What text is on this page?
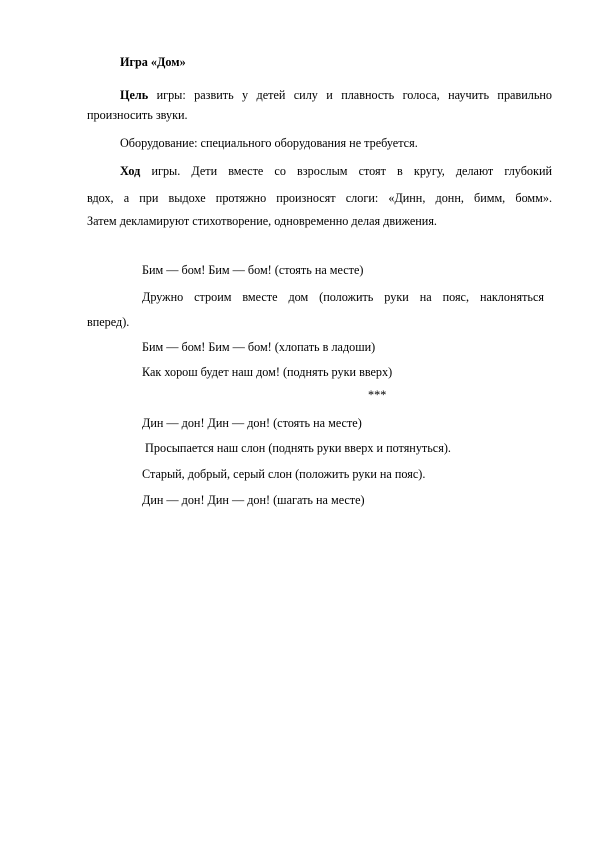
Игра «Дом»
Цель игры: развить у детей силу и плавность голоса, научить правильно
произносить звуки.
Оборудование: специального оборудования не требуется.
Ход игры. Дети вместе со взрослым стоят в кругу, делают глубокий
вдох, а при выдохе протяжно произносят слоги: «Динн, донн, бимм, бомм».
Затем декламируют стихотворение, одновременно делая движения.
Бим — бом! Бим — бом! (стоять на месте)
Дружно строим вместе дом (положить руки на пояс, наклоняться
вперед).
Бим — бом! Бим — бом! (хлопать в ладоши)
Как хорош будет наш дом! (поднять руки вверх)
***
Дин — дон! Дин — дон! (стоять на месте)
Просыпается наш слон (поднять руки вверх и потянуться).
Старый, добрый, серый слон (положить руки на пояс).
Дин — дон! Дин — дон! (шагать на месте)
